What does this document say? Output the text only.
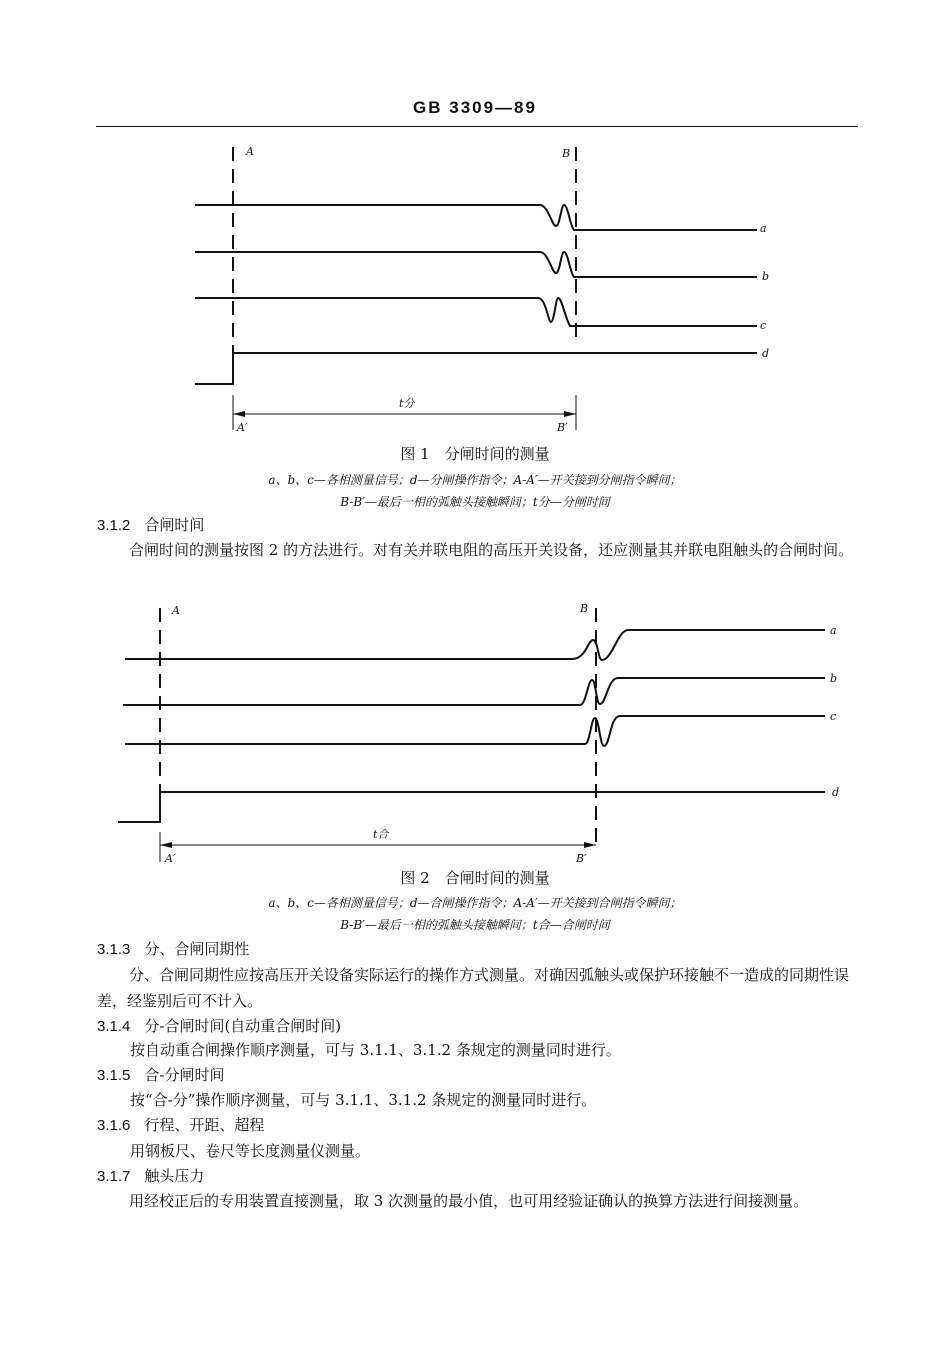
GB 3309—89
A	B
a
b
c
d
t分
A′	B′
图 1　分闸时间的测量
a、b、c—各相测量信号；d—分闸操作指令；A-A′—开关接到分闸指令瞬间；
B-B′—最后一相的弧触头接触瞬间；t分—分闸时间
3.1.2 合闸时间
合闸时间的测量按图 2 的方法进行。对有关并联电阻的高压开关设备，还应测量其并联电阻触头的合闸时间。
A	B
a
b
c
d
t合
A′	B′
图 2　合闸时间的测量
a、b、c—各相测量信号；d—合闸操作指令；A-A′—开关接到合闸指令瞬间；
B-B′—最后一相的弧触头接触瞬间；t合—合闸时间
3.1.3 分、合闸同期性
分、合闸同期性应按高压开关设备实际运行的操作方式测量。对确因弧触头或保护环接触不一造成的同期性误差，经鉴别后可不计入。
3.1.4 分-合闸时间(自动重合闸时间)
按自动重合闸操作顺序测量，可与 3.1.1、3.1.2 条规定的测量同时进行。
3.1.5 合-分闸时间
按“合-分”操作顺序测量，可与 3.1.1、3.1.2 条规定的测量同时进行。
3.1.6 行程、开距、超程
用钢板尺、卷尺等长度测量仪测量。
3.1.7 触头压力
用经校正后的专用装置直接测量，取 3 次测量的最小值，也可用经验证确认的换算方法进行间接测量。
